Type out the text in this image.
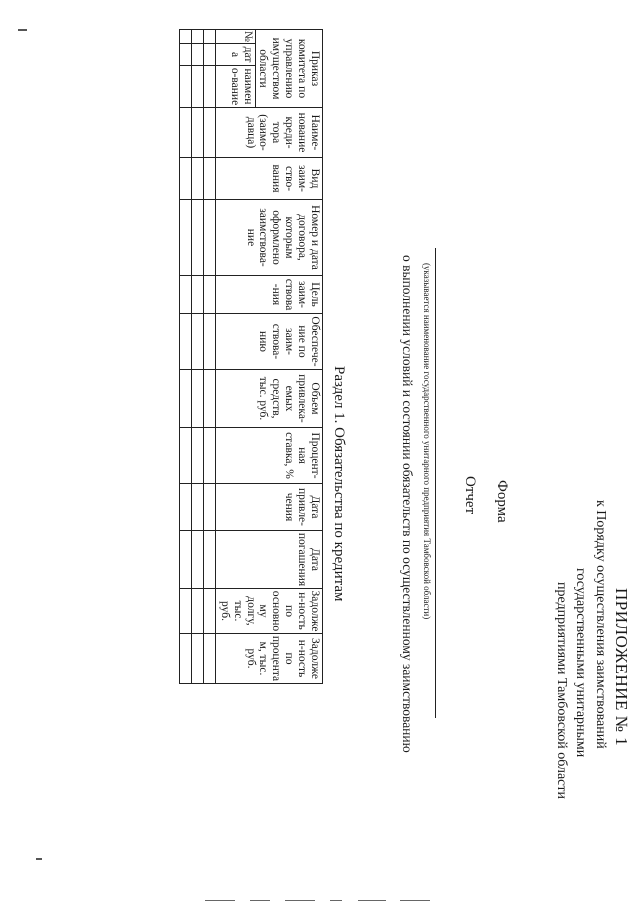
ПРИЛОЖЕНИЕ № 1
к Порядку осуществления заимствований
государственными унитарными
предприятиями Тамбовской области
Форма
Отчет
(указывается наименование государственного унитарного предприятия Тамбовской области)
о выполнении условий и состоянии обязательств по осуществленному заимствованию
Раздел 1. Обязательства по кредитам
Приказ комитета по управлению имуществом области			Наиме-нование креди-тора (заимо-давца)	Вид заим-ство-вания	Номер и дата договора, которым оформлено заимствова-ние	Цель заим-ствова-ния	Обеспече-ние по заим-ствова-нию	Объем привлека-емых средств, тыс. руб.	Процент-ная ставка, %	Дата привле-чения	Дата погашения	Задолжен-ность по основному долгу, тыс. руб.	Задолжен-ность по процентам, тыс. руб.
№	дата	наимено-вание											
